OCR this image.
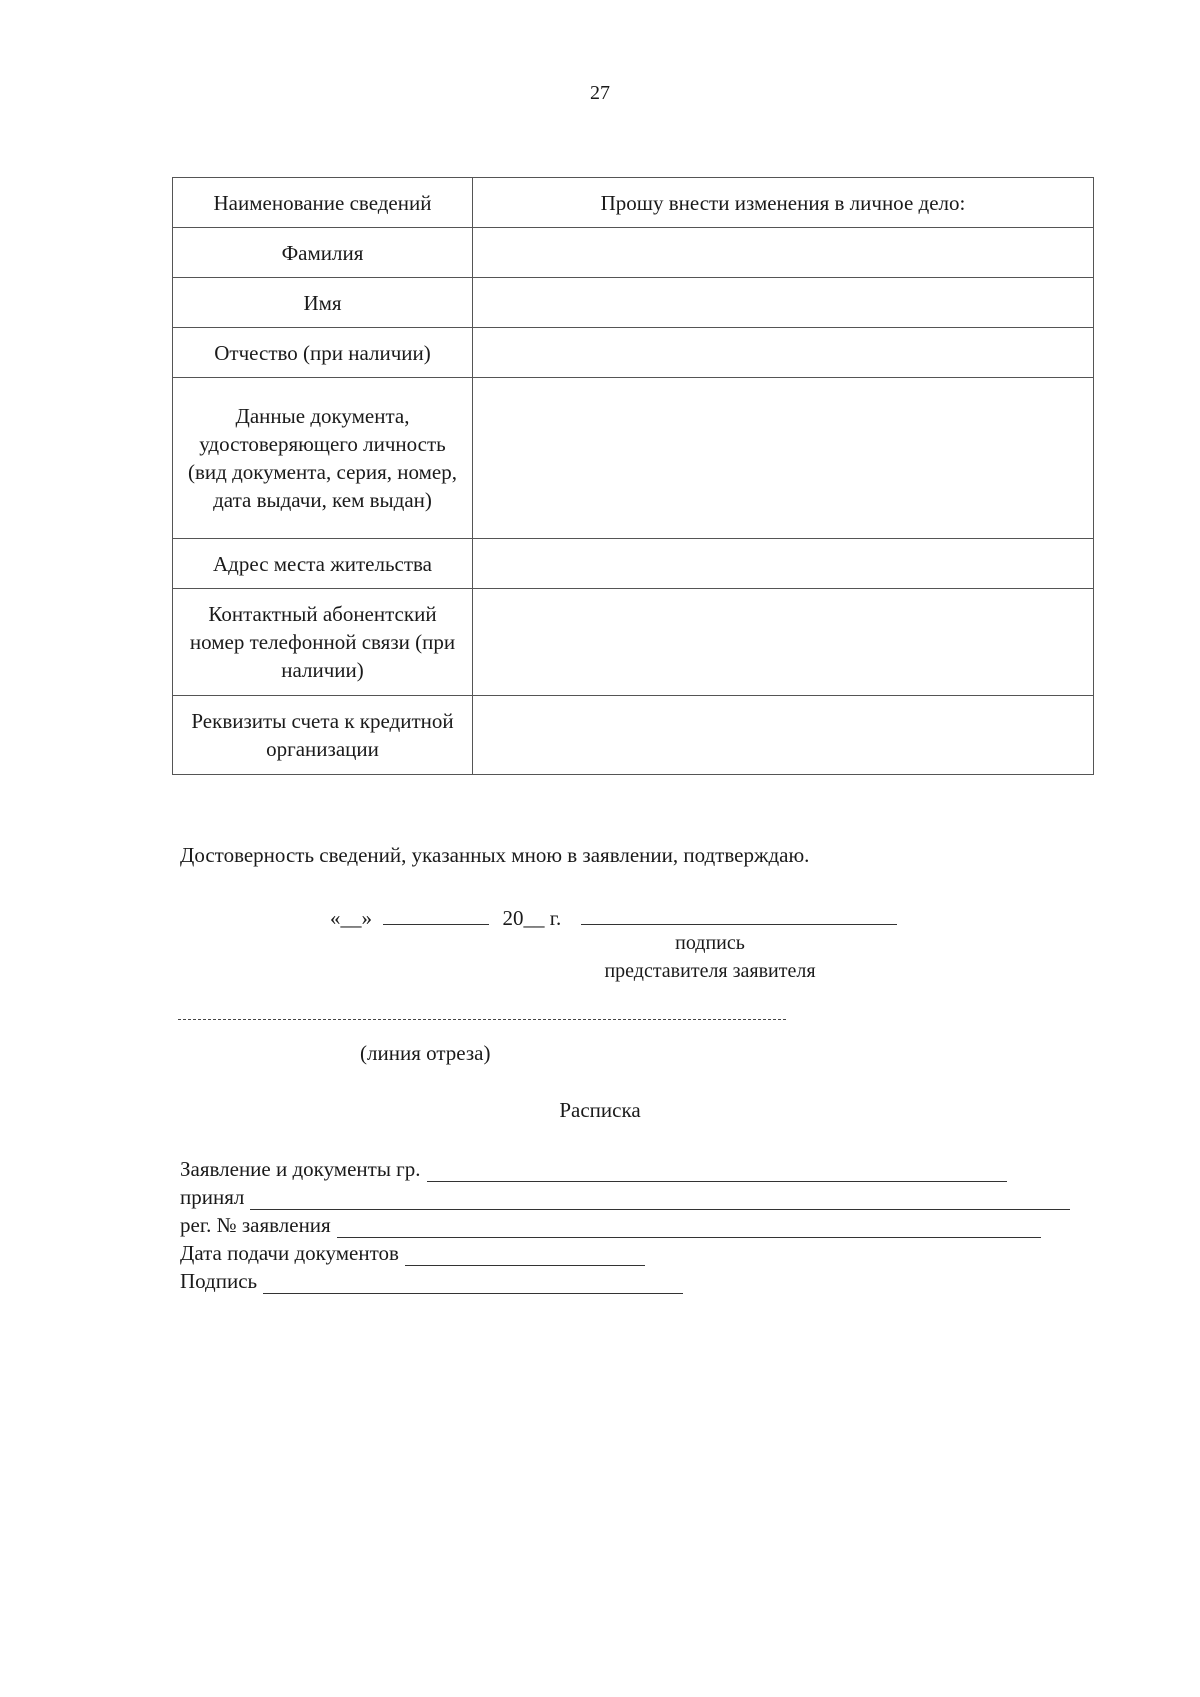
27
Наименование сведений	Прошу внести изменения в личное дело:
Фамилия	
Имя	
Отчество (при наличии)	
Данные документа, удостоверяющего личность (вид документа, серия, номер, дата выдачи, кем выдан)	
Адрес места жительства	
Контактный абонентский номер телефонной связи (при наличии)	
Реквизиты счета к кредитной организации	
Достоверность сведений, указанных мною в заявлении, подтверждаю.
«__»	20__ г.
подпись
представителя заявителя
(линия отреза)
Расписка
Заявление и документы гр.
принял
рег. № заявления
Дата подачи документов
Подпись
